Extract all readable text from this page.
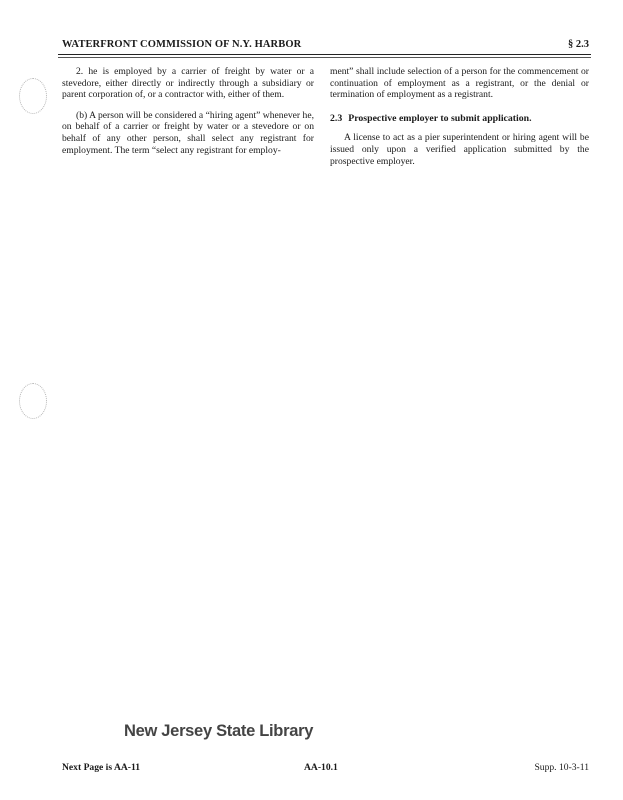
WATERFRONT COMMISSION OF N.Y. HARBOR	§ 2.3

2. he is employed by a carrier of freight by water or a stevedore, either directly or indirectly through a subsidiary or parent corporation of, or a contractor with, either of them.

(b) A person will be considered a “hiring agent” whenever he, on behalf of a carrier or freight by water or a stevedore or on behalf of any other person, shall select any registrant for employment. The term “select any registrant for employ-

ment” shall include selection of a person for the commencement or continuation of employment as a registrant, or the denial or termination of employment as a registrant.

2.3 Prospective employer to submit application.

A license to act as a pier superintendent or hiring agent will be issued only upon a verified application submitted by the prospective employer.

New Jersey State Library
Next Page is AA-11	AA-10.1	Supp. 10-3-11
